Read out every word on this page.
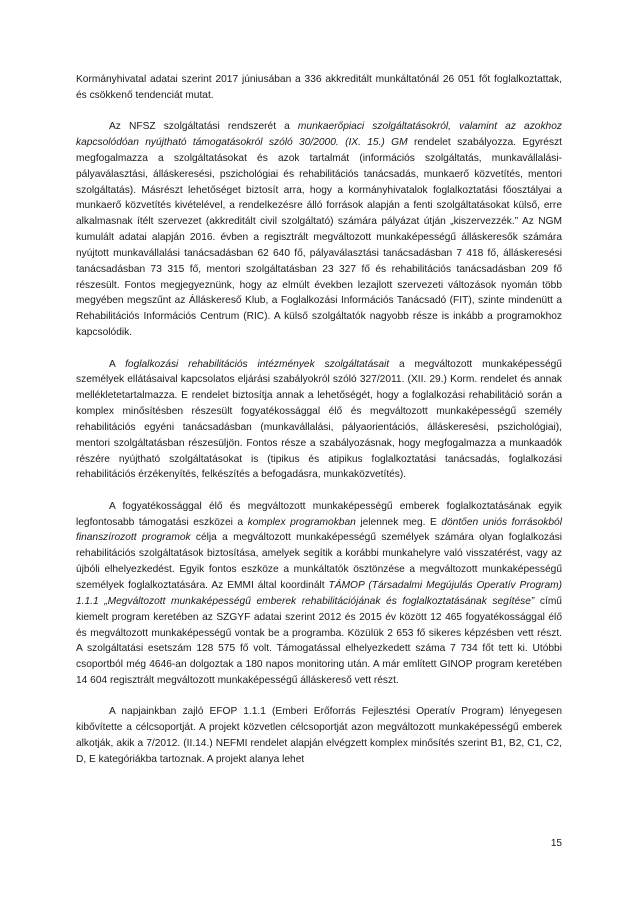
Kormányhivatal adatai szerint 2017 júniusában a 336 akkreditált munkáltatónál 26 051 főt foglalkoztattak, és csökkenő tendenciát mutat.

Az NFSZ szolgáltatási rendszerét a munkaerőpiaci szolgáltatásokról, valamint az azokhoz kapcsolódóan nyújtható támogatásokról szóló 30/2000. (IX. 15.) GM rendelet szabályozza. Egyrészt megfogalmazza a szolgáltatásokat és azok tartalmát (információs szolgáltatás, munkavállalási- pályaválasztási, álláskeresési, pszichológiai és rehabilitációs tanácsadás, munkaerő közvetítés, mentori szolgáltatás). Másrészt lehetőséget biztosít arra, hogy a kormányhivatalok foglalkoztatási főosztályai a munkaerő közvetítés kivételével, a rendelkezésre álló források alapján a fenti szolgáltatásokat külső, erre alkalmasnak ítélt szervezet (akkreditált civil szolgáltató) számára pályázat útján „kiszervezzék.” Az NGM kumulált adatai alapján 2016. évben a regisztrált megváltozott munkaképességű álláskeresők számára nyújtott munkavállalási tanácsadásban 62 640 fő, pályaválasztási tanácsadásban 7 418 fő, álláskeresési tanácsadásban 73 315 fő, mentori szolgáltatásban 23 327 fő és rehabilitációs tanácsadásban 209 fő részesült. Fontos megjegyeznünk, hogy az elmúlt években lezajlott szervezeti változások nyomán több megyében megszűnt az Álláskereső Klub, a Foglalkozási Információs Tanácsadó (FIT), szinte mindenütt a Rehabilitációs Információs Centrum (RIC). A külső szolgáltatók nagyobb része is inkább a programokhoz kapcsolódik.

A foglalkozási rehabilitációs intézmények szolgáltatásait a megváltozott munkaképességű személyek ellátásaival kapcsolatos eljárási szabályokról szóló 327/2011. (XII. 29.) Korm. rendelet és annak mellékletetartalmazza. E rendelet biztosítja annak a lehetőségét, hogy a foglalkozási rehabilitáció során a komplex minősítésben részesült fogyatékossággal élő és megváltozott munkaképességű személy rehabilitációs egyéni tanácsadásban (munkavállalási, pályaorientációs, álláskeresési, pszichológiai), mentori szolgáltatásban részesüljön. Fontos része a szabályozásnak, hogy megfogalmazza a munkaadók részére nyújtható szolgáltatásokat is (tipikus és atipikus foglalkoztatási tanácsadás, foglalkozási rehabilitációs érzékenyítés, felkészítés a befogadásra, munkaközvetítés).

A fogyatékossággal élő és megváltozott munkaképességű emberek foglalkoztatásának egyik legfontosabb támogatási eszközei a komplex programokban jelennek meg. E döntően uniós forrásokból finanszírozott programok célja a megváltozott munkaképességű személyek számára olyan foglalkozási rehabilitációs szolgáltatások biztosítása, amelyek segítik a korábbi munkahelyre való visszatérést, vagy az újbóli elhelyezkedést. Egyik fontos eszköze a munkáltatók ösztönzése a megváltozott munkaképességű személyek foglalkoztatására. Az EMMI által koordinált TÁMOP (Társadalmi Megújulás Operatív Program) 1.1.1 „Megváltozott munkaképességű emberek rehabilitációjának és foglalkoztatásának segítése” című kiemelt program keretében az SZGYF adatai szerint 2012 és 2015 év között 12 465 fogyatékossággal élő és megváltozott munkaképességű vontak be a programba. Közülük 2 653 fő sikeres képzésben vett részt. A szolgáltatási esetszám 128 575 fő volt. Támogatással elhelyezkedett száma 7 734 főt tett ki. Utóbbi csoportból még 4646-an dolgoztak a 180 napos monitoring után. A már említett GINOP program keretében 14 604 regisztrált megváltozott munkaképességű álláskereső vett részt.

A napjainkban zajló EFOP 1.1.1 (Emberi Erőforrás Fejlesztési Operatív Program) lényegesen kibővítette a célcsoportját. A projekt közvetlen célcsoportját azon megváltozott munkaképességű emberek alkotják, akik a 7/2012. (II.14.) NEFMI rendelet alapján elvégzett komplex minősítés szerint B1, B2, C1, C2, D, E kategóriákba tartoznak. A projekt alanya lehet

15
